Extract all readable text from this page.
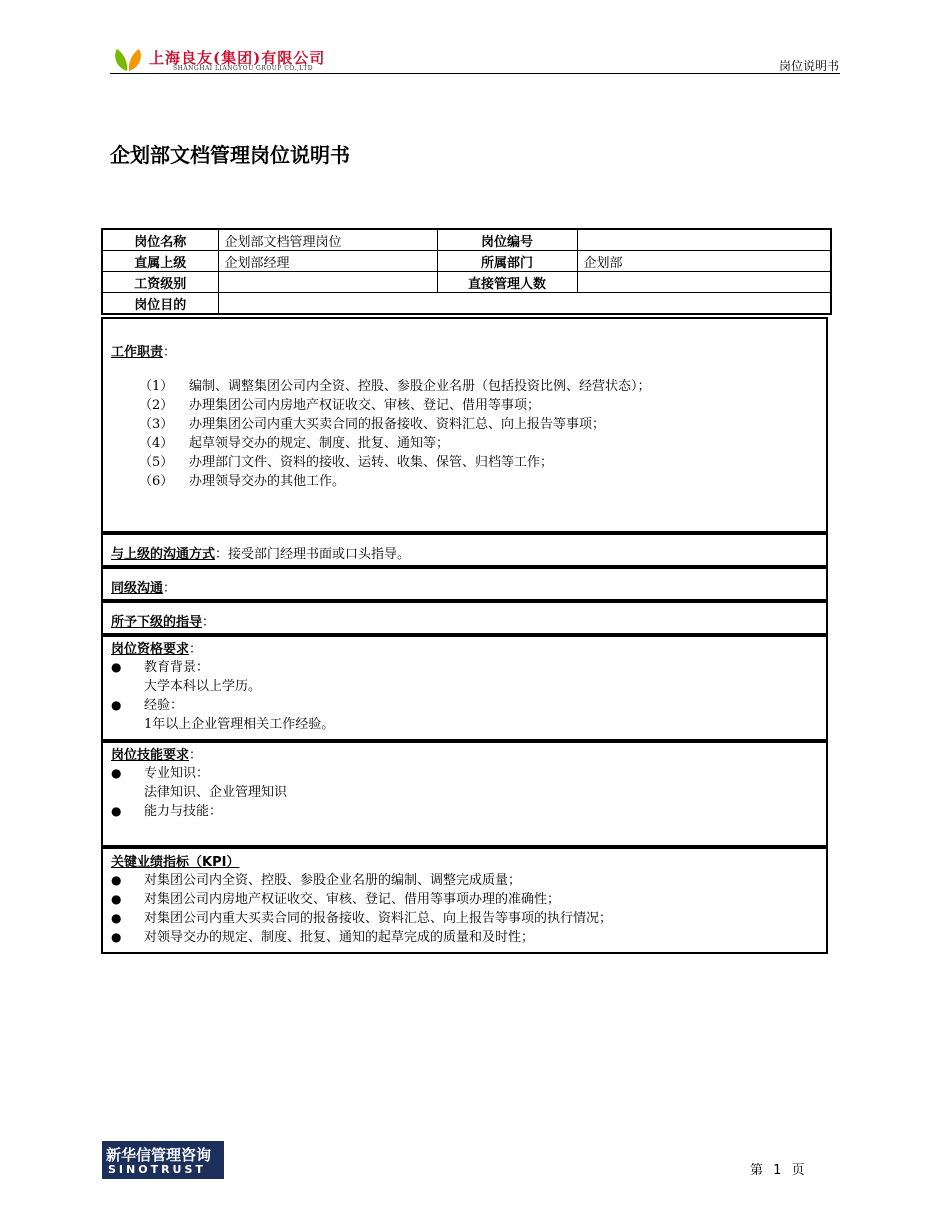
上海良友(集团)有限公司
SHANGHAI LIANGYOU GROUP CO.,LTD	岗位说明书
企划部文档管理岗位说明书
岗位名称	企划部文档管理岗位	岗位编号	
直属上级	企划部经理	所属部门	企划部
工资级别		直接管理人数	
岗位目的			
工作职责：
（1） 编制、调整集团公司内全资、控股、参股企业名册（包括投资比例、经营状态）；
（2） 办理集团公司内房地产权证收交、审核、登记、借用等事项；
（3） 办理集团公司内重大买卖合同的报备接收、资料汇总、向上报告等事项；
（4） 起草领导交办的规定、制度、批复、通知等；
（5） 办理部门文件、资料的接收、运转、收集、保管、归档等工作；
（6） 办理领导交办的其他工作。
与上级的沟通方式：接受部门经理书面或口头指导。
同级沟通：
所予下级的指导：
岗位资格要求：
● 教育背景：
大学本科以上学历。
● 经验：
1年以上企业管理相关工作经验。
岗位技能要求：
● 专业知识：
法律知识、企业管理知识
● 能力与技能：
关键业绩指标（KPI）
● 对集团公司内全资、控股、参股企业名册的编制、调整完成质量；
● 对集团公司内房地产权证收交、审核、登记、借用等事项办理的准确性；
● 对集团公司内重大买卖合同的报备接收、资料汇总、向上报告等事项的执行情况；
● 对领导交办的规定、制度、批复、通知的起草完成的质量和及时性；
新华信管理咨询
SINOTRUST	第 1 页
